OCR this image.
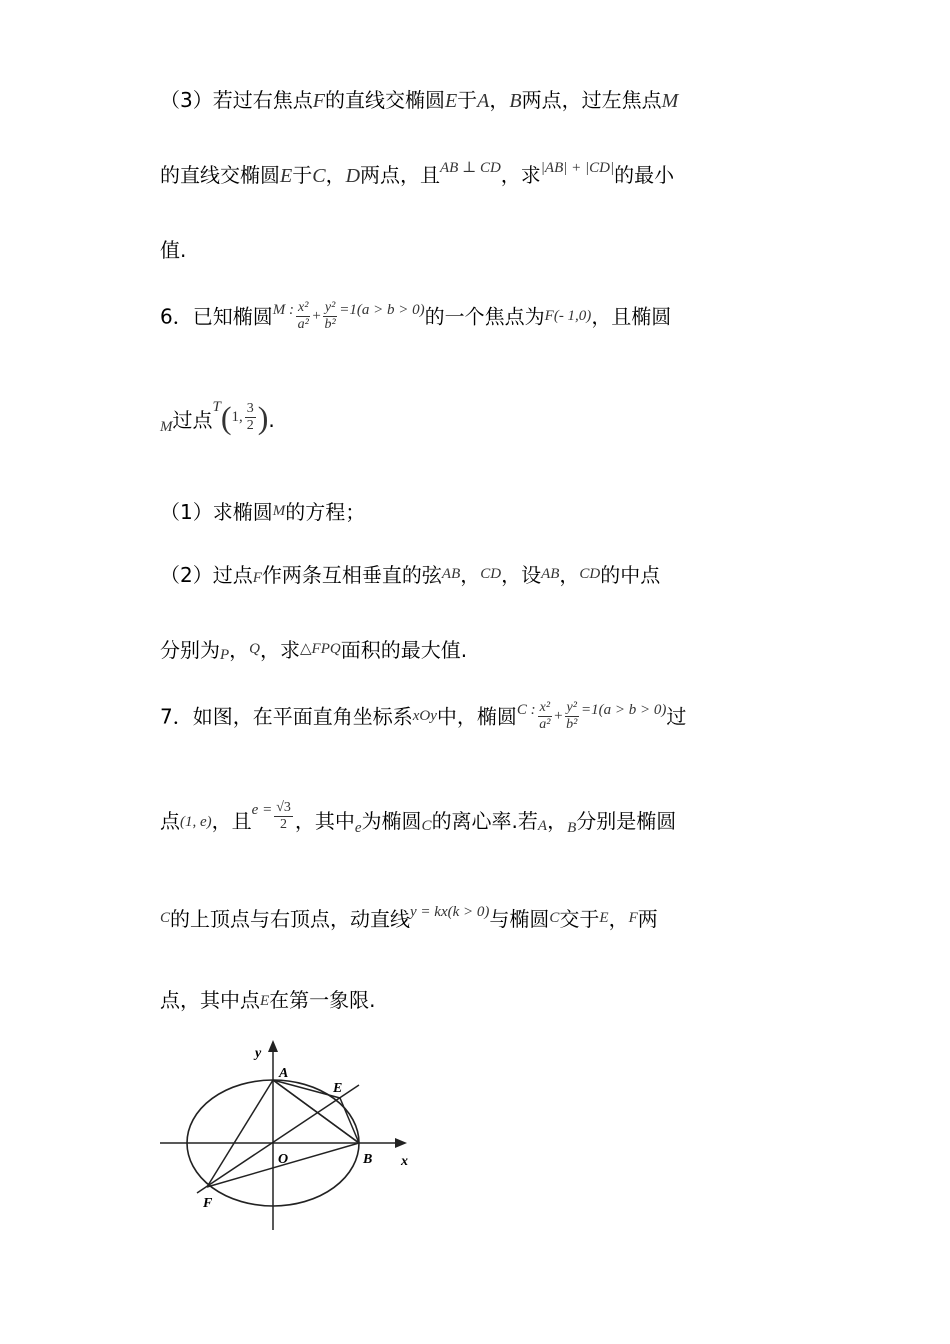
（3）若过右焦点F的直线交椭圆E于A，B两点，过左焦点M
的直线交椭圆E于C，D两点，且$^{AB \perp CD}$，求$^{|AB| + |CD|}$的最小
值.
6．已知椭圆$^{M :} \frac{\text{x²}}{\text{a²}} + \frac{\text{y²}}{\text{b²}} ^{=1(a > b > 0)}$的一个焦点为F(- 1,0)，且椭圆
$_M$过点$^T$(1, $\frac{3}{2}$ ).
（1）求椭圆$^M$的方程；
（2）过点F作两条互相垂直的弦$^{AB}$，$^{CD}$，设$^{AB}$，$^{CD}$的中点
分别为P，$^Q$，求$^{\triangle FPQ}$面积的最大值.
7．如图，在平面直角坐标系xOy中，椭圆$^{C :} \frac{\text{x²}}{\text{a²}} + \frac{\text{y²}}{\text{b²}} ^{=1(a > b > 0)}$过
点$_{(1, e)}$，且$^{e =} \frac{√3}{2}$ ，其中$_e$为椭圆$_C$的离心率.若$_A$，$_B$分别是椭圆
$^C$的上顶点与右顶点，动直线$^{y = kx(k > 0)}$与椭圆$^C$交于$^E$，$^F$两
点，其中点E在第一象限.
y
A
E
O	B x
F
